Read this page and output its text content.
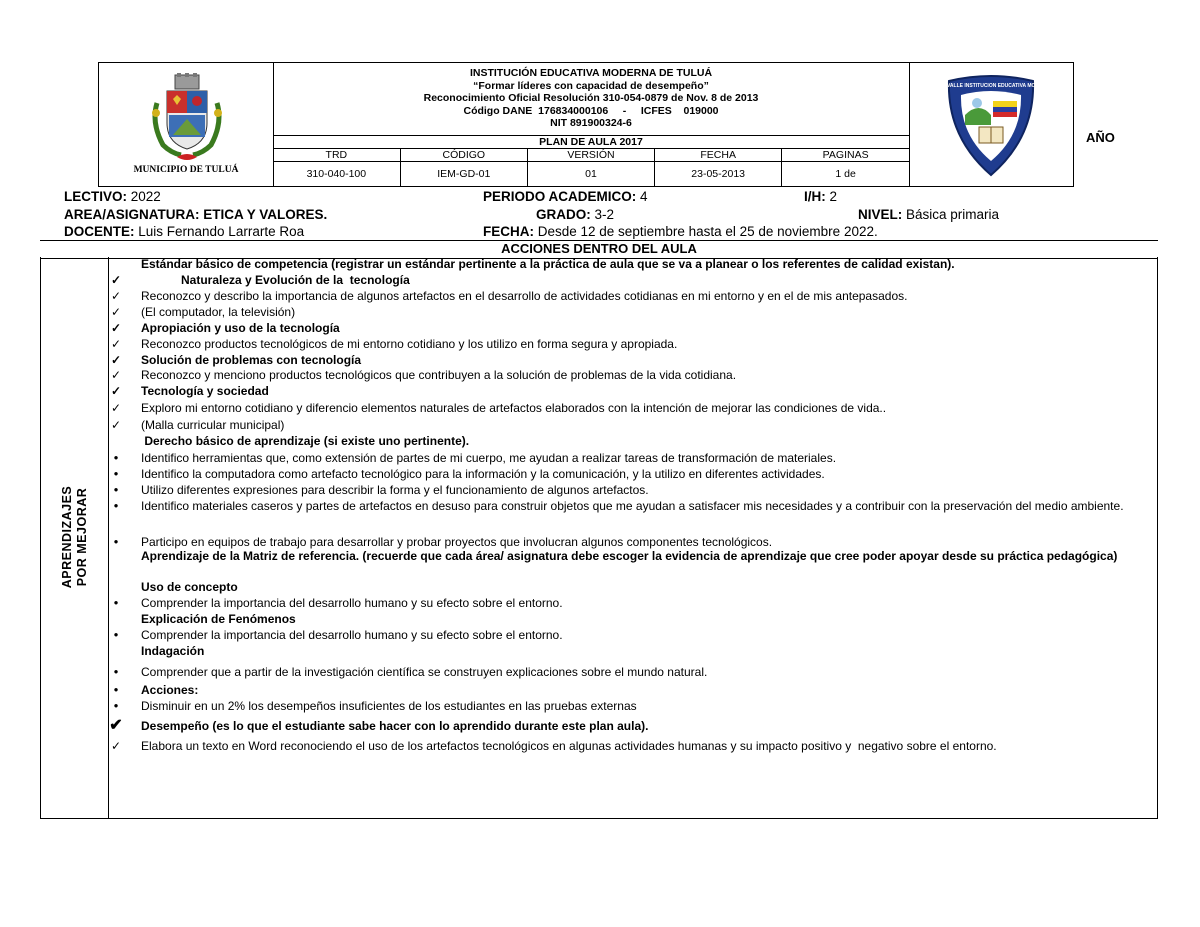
MUNICIPIO DE TULUÁ
INSTITUCIÓN EDUCATIVA MODERNA DE TULUÁ
“Formar líderes con capacidad de desempeño”
Reconocimiento Oficial Resolución 310-054-0879 de Nov. 8 de 2013
Código DANE  176834000106     -     ICFES    019000
NIT 891900324-6
PLAN DE AULA 2017
TRD	CÓDIGO	VERSIÓN	FECHA	PAGINAS
310-040-100	IEM-GD-01	01	23-05-2013	1 de
TULUA VALLE INSTITUCION EDUCATIVA MODERNA
AÑO
LECTIVO: 2022	PERIODO ACADEMICO: 4	I/H: 2
AREA/ASIGNATURA: ETICA Y VALORES.	GRADO: 3-2	NIVEL: Básica primaria
DOCENTE: Luis Fernando Larrarte Roa	FECHA: Desde 12 de septiembre hasta el 25 de noviembre 2022.
ACCIONES DENTRO DEL AULA
APRENDIZAJES POR MEJORAR
Estándar básico de competencia (registrar un estándar pertinente a la práctica de aula que se va a planear o los referentes de calidad existan).
✓ Naturaleza y Evolución de la  tecnología
✓ Reconozco y describo la importancia de algunos artefactos en el desarrollo de actividades cotidianas en mi entorno y en el de mis antepasados.
✓ (El computador, la televisión)
✓ Apropiación y uso de la tecnología
✓ Reconozco productos tecnológicos de mi entorno cotidiano y los utilizo en forma segura y apropiada.
✓ Solución de problemas con tecnología
✓ Reconozco y menciono productos tecnológicos que contribuyen a la solución de problemas de la vida cotidiana.
✓ Tecnología y sociedad
✓ Exploro mi entorno cotidiano y diferencio elementos naturales de artefactos elaborados con la intención de mejorar las condiciones de vida..
✓ (Malla curricular municipal)
Derecho básico de aprendizaje (si existe uno pertinente).
●	Identifico herramientas que, como extensión de partes de mi cuerpo, me ayudan a realizar tareas de transformación de materiales.
●	Identifico la computadora como artefacto tecnológico para la información y la comunicación, y la utilizo en diferentes actividades.
●	Utilizo diferentes expresiones para describir la forma y el funcionamiento de algunos artefactos.
●	Identifico materiales caseros y partes de artefactos en desuso para construir objetos que me ayudan a satisfacer mis necesidades y a contribuir con la preservación del medio ambiente.
●	Participo en equipos de trabajo para desarrollar y probar proyectos que involucran algunos componentes tecnológicos.
Aprendizaje de la Matriz de referencia. (recuerde que cada área/ asignatura debe escoger la evidencia de aprendizaje que cree poder apoyar desde su práctica pedagógica)
Uso de concepto
●	Comprender la importancia del desarrollo humano y su efecto sobre el entorno.
Explicación de Fenómenos
●	Comprender la importancia del desarrollo humano y su efecto sobre el entorno.
Indagación
●	Comprender que a partir de la investigación científica se construyen explicaciones sobre el mundo natural.
●	Acciones:
●	Disminuir en un 2% los desempeños insuficientes de los estudiantes en las pruebas externas
✔ Desempeño (es lo que el estudiante sabe hacer con lo aprendido durante este plan aula).
✓ Elabora un texto en Word reconociendo el uso de los artefactos tecnológicos en algunas actividades humanas y su impacto positivo y  negativo sobre el entorno.
